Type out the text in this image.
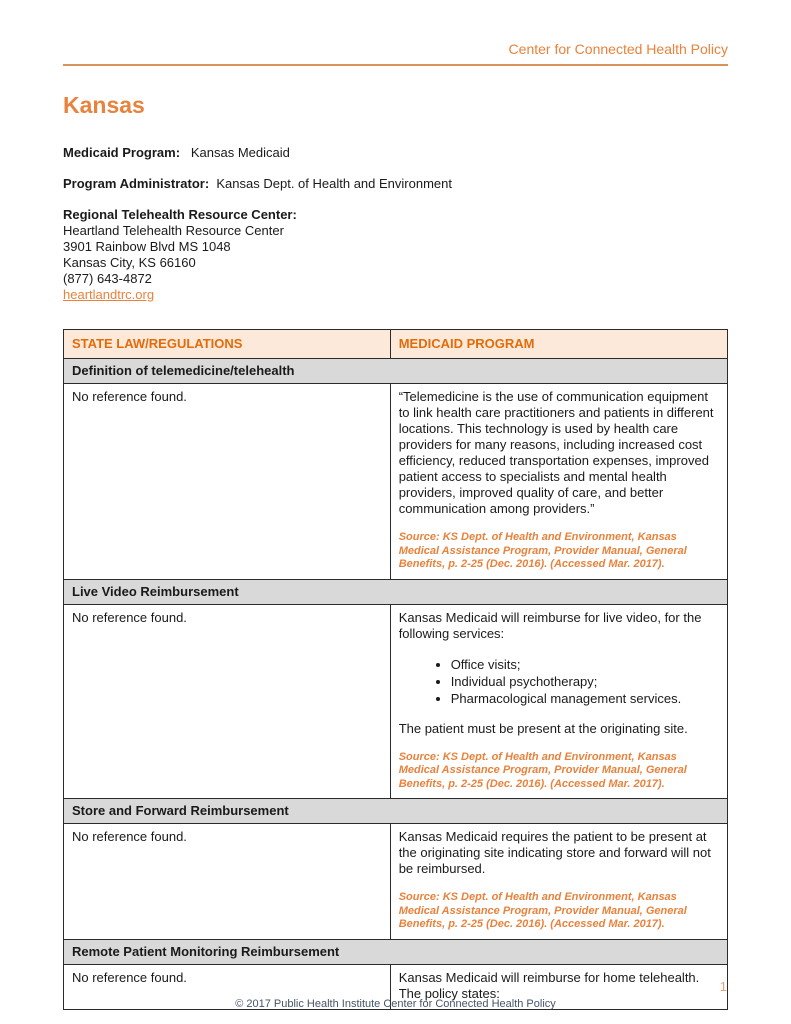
Center for Connected Health Policy
Kansas
Medicaid Program: Kansas Medicaid
Program Administrator: Kansas Dept. of Health and Environment
Regional Telehealth Resource Center:
Heartland Telehealth Resource Center
3901 Rainbow Blvd MS 1048
Kansas City, KS 66160
(877) 643-4872
heartlandtrc.org
STATE LAW/REGULATIONS	MEDICAID PROGRAM
Definition of telemedicine/telehealth	
No reference found.	“Telemedicine is the use of communication equipment to link health care practitioners and patients in different locations. This technology is used by health care providers for many reasons, including increased cost efficiency, reduced transportation expenses, improved patient access to specialists and mental health providers, improved quality of care, and better communication among providers.”

Source: KS Dept. of Health and Environment, Kansas Medical Assistance Program, Provider Manual, General Benefits, p. 2-25 (Dec. 2016). (Accessed Mar. 2017).

Live Video Reimbursement	
No reference found.	Kansas Medicaid will reimburse for live video, for the following services:

• Office visits;
• Individual psychotherapy;
• Pharmacological management services.

The patient must be present at the originating site.

Source: KS Dept. of Health and Environment, Kansas Medical Assistance Program, Provider Manual, General Benefits, p. 2-25 (Dec. 2016). (Accessed Mar. 2017).

Store and Forward Reimbursement	
No reference found.	Kansas Medicaid requires the patient to be present at the originating site indicating store and forward will not be reimbursed.

Source: KS Dept. of Health and Environment, Kansas Medical Assistance Program, Provider Manual, General Benefits, p. 2-25 (Dec. 2016). (Accessed Mar. 2017).

Remote Patient Monitoring Reimbursement	
No reference found.	Kansas Medicaid will reimburse for home telehealth. The policy states:	1
© 2017 Public Health Institute Center for Connected Health Policy
